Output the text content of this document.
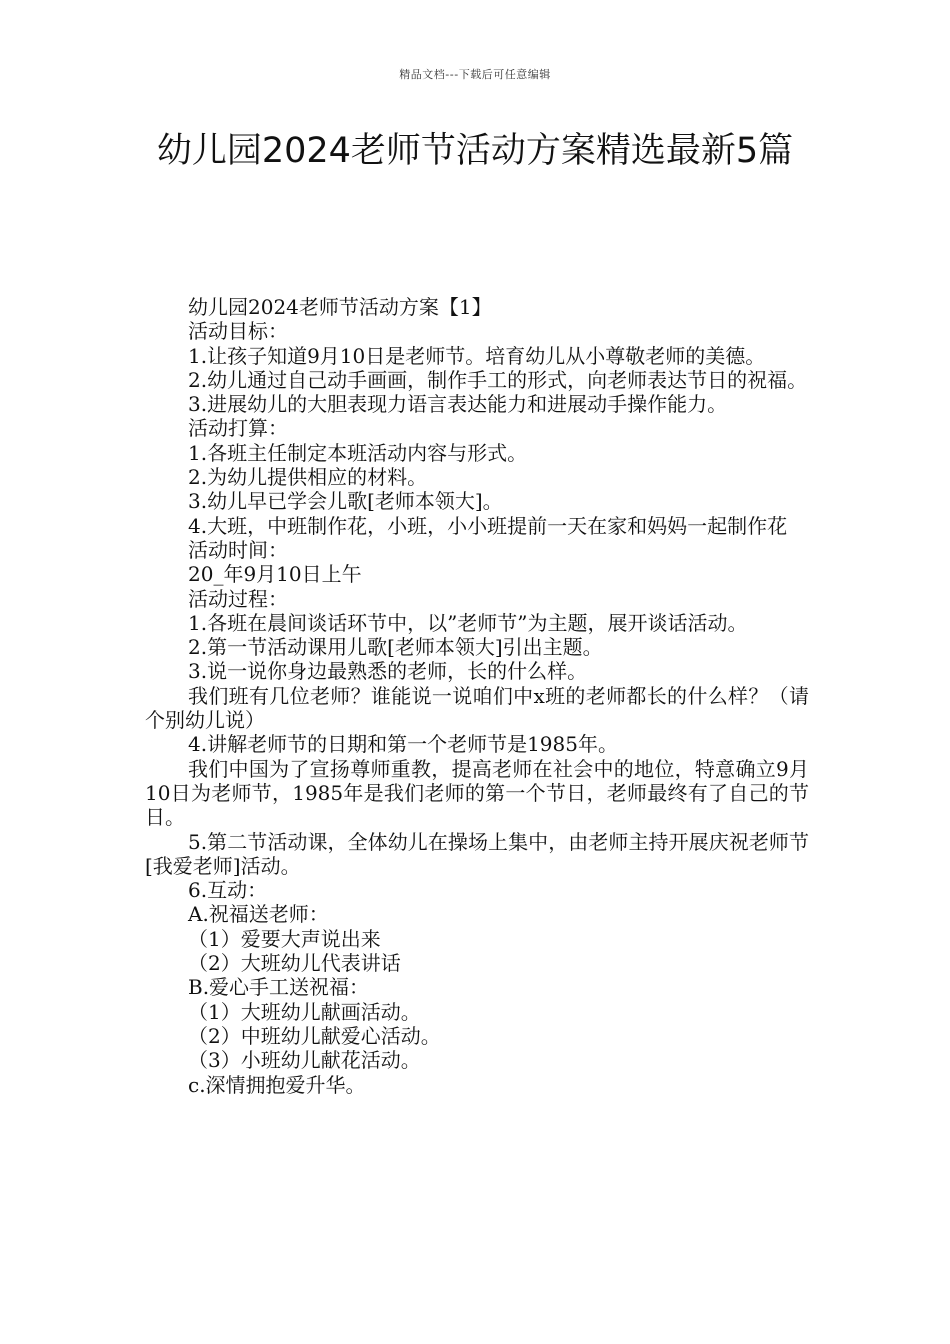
精品文档---下载后可任意编辑
幼儿园2024老师节活动方案精选最新5篇

幼儿园2024老师节活动方案【1】

活动目标：

1.让孩子知道9月10日是老师节。培育幼儿从小尊敬老师的美德。

2.幼儿通过自己动手画画，制作手工的形式，向老师表达节日的祝福。

3.进展幼儿的大胆表现力语言表达能力和进展动手操作能力。

活动打算：

1.各班主任制定本班活动内容与形式。

2.为幼儿提供相应的材料。

3.幼儿早已学会儿歌[老师本领大]。

4.大班，中班制作花，小班，小小班提前一天在家和妈妈一起制作花

活动时间：

20_年9月10日上午

活动过程：

1.各班在晨间谈话环节中，以”老师节”为主题，展开谈话活动。

2.第一节活动课用儿歌[老师本领大]引出主题。

3.说一说你身边最熟悉的老师，长的什么样。

我们班有几位老师？谁能说一说咱们中x班的老师都长的什么样？（请个别幼儿说）

4.讲解老师节的日期和第一个老师节是1985年。

我们中国为了宣扬尊师重教，提高老师在社会中的地位，特意确立9月10日为老师节，1985年是我们老师的第一个节日，老师最终有了自己的节日。

5.第二节活动课，全体幼儿在操场上集中，由老师主持开展庆祝老师节[我爱老师]活动。

6.互动：

A.祝福送老师：

（1）爱要大声说出来

（2）大班幼儿代表讲话

B.爱心手工送祝福：

（1）大班幼儿献画活动。

（2）中班幼儿献爱心活动。

（3）小班幼儿献花活动。

c.深情拥抱爱升华。
